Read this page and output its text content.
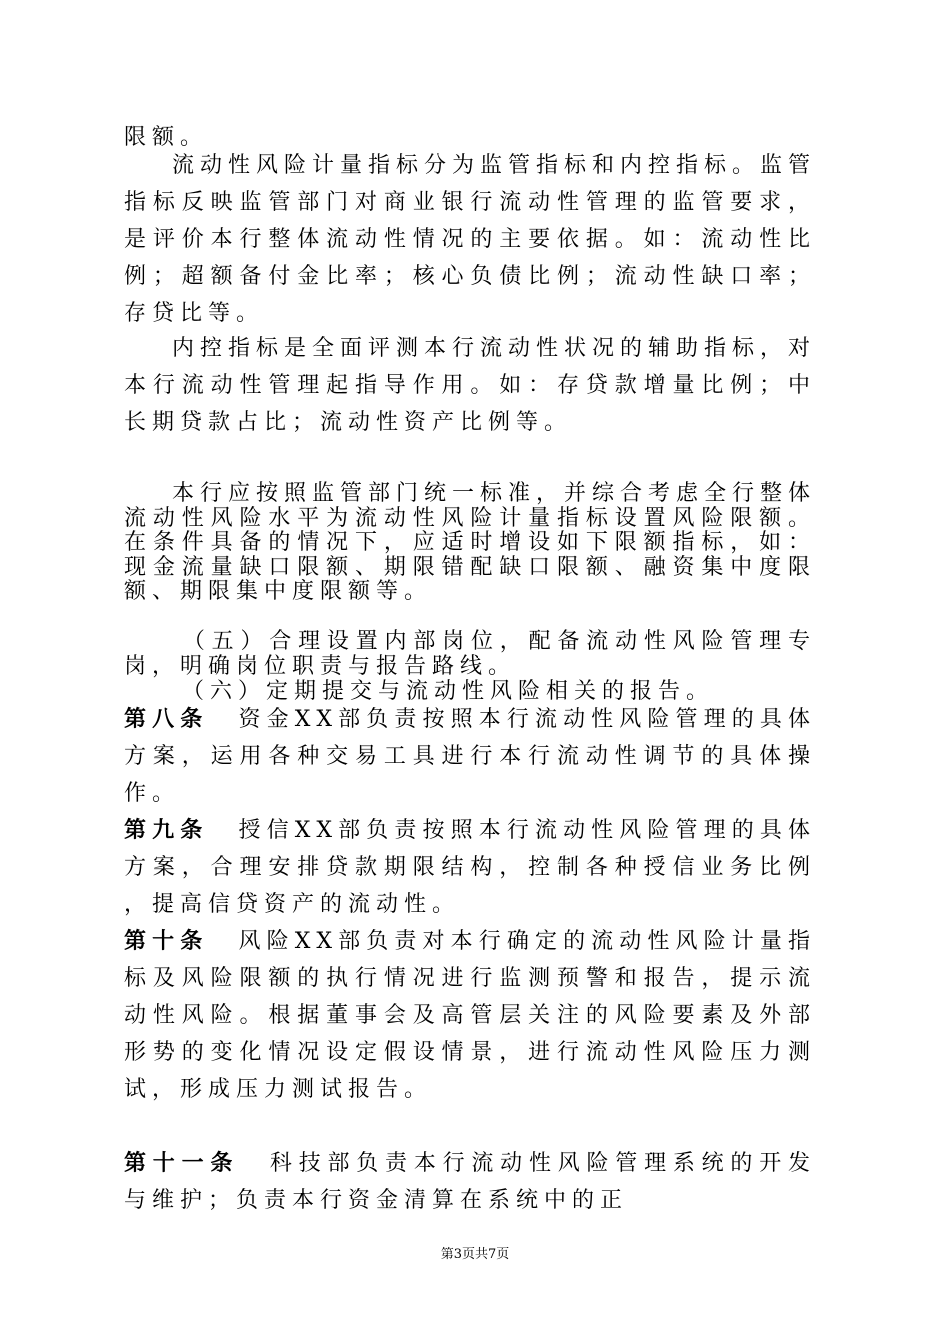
限额。

流动性风险计量指标分为监管指标和内控指标。监管指标反映监管部门对商业银行流动性管理的监管要求，是评价本行整体流动性情况的主要依据。如：流动性比例；超额备付金比率；核心负债比例；流动性缺口率；存贷比等。

内控指标是全面评测本行流动性状况的辅助指标，对本行流动性管理起指导作用。如：存贷款增量比例；中长期贷款占比；流动性资产比例等。

本行应按照监管部门统一标准，并综合考虑全行整体流动性风险水平为流动性风险计量指标设置风险限额。在条件具备的情况下，应适时增设如下限额指标，如：现金流量缺口限额、期限错配缺口限额、融资集中度限额、期限集中度限额等。

（五）合理设置内部岗位，配备流动性风险管理专岗，明确岗位职责与报告路线。

（六）定期提交与流动性风险相关的报告。

第八条 资金XX部负责按照本行流动性风险管理的具体方案，运用各种交易工具进行本行流动性调节的具体操作。

第九条 授信XX部负责按照本行流动性风险管理的具体方案，合理安排贷款期限结构，控制各种授信业务比例，提高信贷资产的流动性。

第十条 风险XX部负责对本行确定的流动性风险计量指标及风险限额的执行情况进行监测预警和报告，提示流动性风险。根据董事会及高管层关注的风险要素及外部形势的变化情况设定假设情景，进行流动性风险压力测试，形成压力测试报告。

第十一条 科技部负责本行流动性风险管理系统的开发与维护；负责本行资金清算在系统中的正

第3页共7页
